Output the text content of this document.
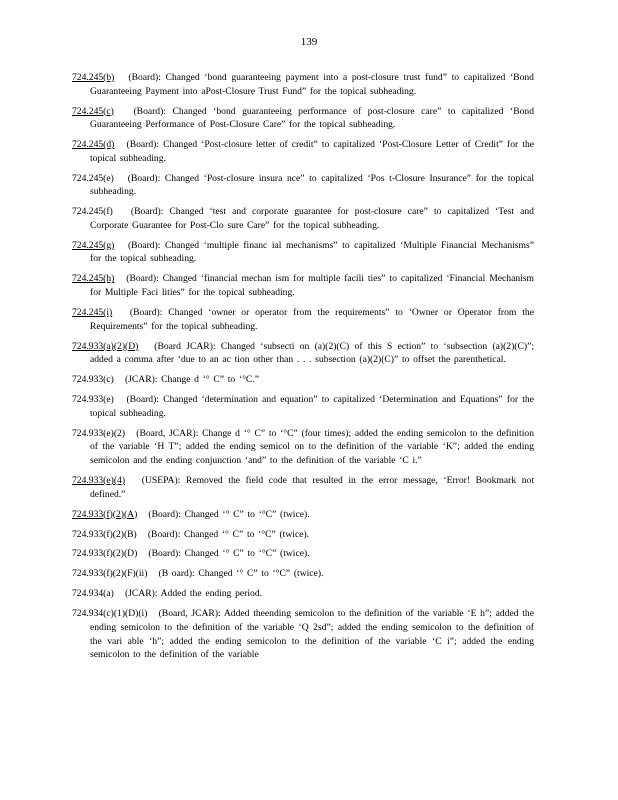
139

724.245(b) (Board): Changed ‘bond guaranteeing payment into a post-closure trust fund” to capitalized ‘Bond Guaranteeing Payment into aPost-Closure Trust Fund” for the topical subheading.

724.245(c) (Board): Changed ‘bond guaranteeing performance of post-closure care” to capitalized ‘Bond Guaranteeing Performance of Post-Closure Care” for the topical subheading.

724.245(d) (Board): Changed ‘Post-closure letter of credit” to capitalized ‘Post-Closure Letter of Credit” for the topical subheading.

724.245(e) (Board): Changed ‘Post-closure insura nce” to capitalized ‘Pos t-Closure Insurance” for the topical subheading.

724.245(f) (Board): Changed ‘test and corporate guarantee for post-closure care” to capitalized ‘Test and Corporate Guarantee for Post-Clo sure Care” for the topical subheading.

724.245(g) (Board): Changed ‘multiple financ ial mechanisms” to capitalized ‘Multiple Financial Mechanisms” for the topical subheading.

724.245(h) (Board): Changed ‘financial mechan ism for multiple facili ties” to capitalized ‘Financial Mechanism for Multiple Faci lities” for the topical subheading.

724.245(i) (Board): Changed ‘owner or operator from the requirements” to ‘Owner or Operator from the Requirements” for the topical subheading.

724.933(a)(2)(D) (Board JCAR): Changed ‘subsecti on (a)(2)(C) of this S ection” to ‘subsection (a)(2)(C)”; added a comma after ‘due to an ac tion other than . . . subsection (a)(2)(C)” to offset the parenthetical.

724.933(c) (JCAR): Change d ‘° C” to ‘°C.”

724.933(e) (Board): Changed ‘determination and equation” to capitalized ‘Determination and Equations” for the topical subheading.

724.933(e)(2) (Board, JCAR): Change d ‘° C” to ‘°C” (four times); added the ending semicolon to the definition of the variable ‘H T”; added the ending semicol on to the definition of the variable ‘K”; added the ending semicolon and the ending conjunction ‘and” to the definition of the variable ‘C i.”

724.933(e)(4) (USEPA): Removed the field code that resulted in the error message, ‘Error! Bookmark not defined.”

724.933(f)(2)(A) (Board): Changed ‘° C” to ‘°C” (twice).

724.933(f)(2)(B) (Board): Changed ‘° C” to ‘°C” (twice).

724.933(f)(2)(D) (Board): Changed ‘° C” to ‘°C” (twice).

724.933(f)(2)(F)(ii) (B oard): Changed ‘° C” to ‘°C” (twice).

724.934(a) (JCAR): Added the ending period.

724.934(c)(1)(D)(i) (Board, JCAR): Added theending semicolon to the definition of the variable ‘E h”; added the ending semicolon to the definition of the variable ‘Q 2sd”; added the ending semicolon to the definition of the vari able ‘h”; added the ending semicolon to the definition of the variable ‘C i”; added the ending semicolon to the definition of the variable
